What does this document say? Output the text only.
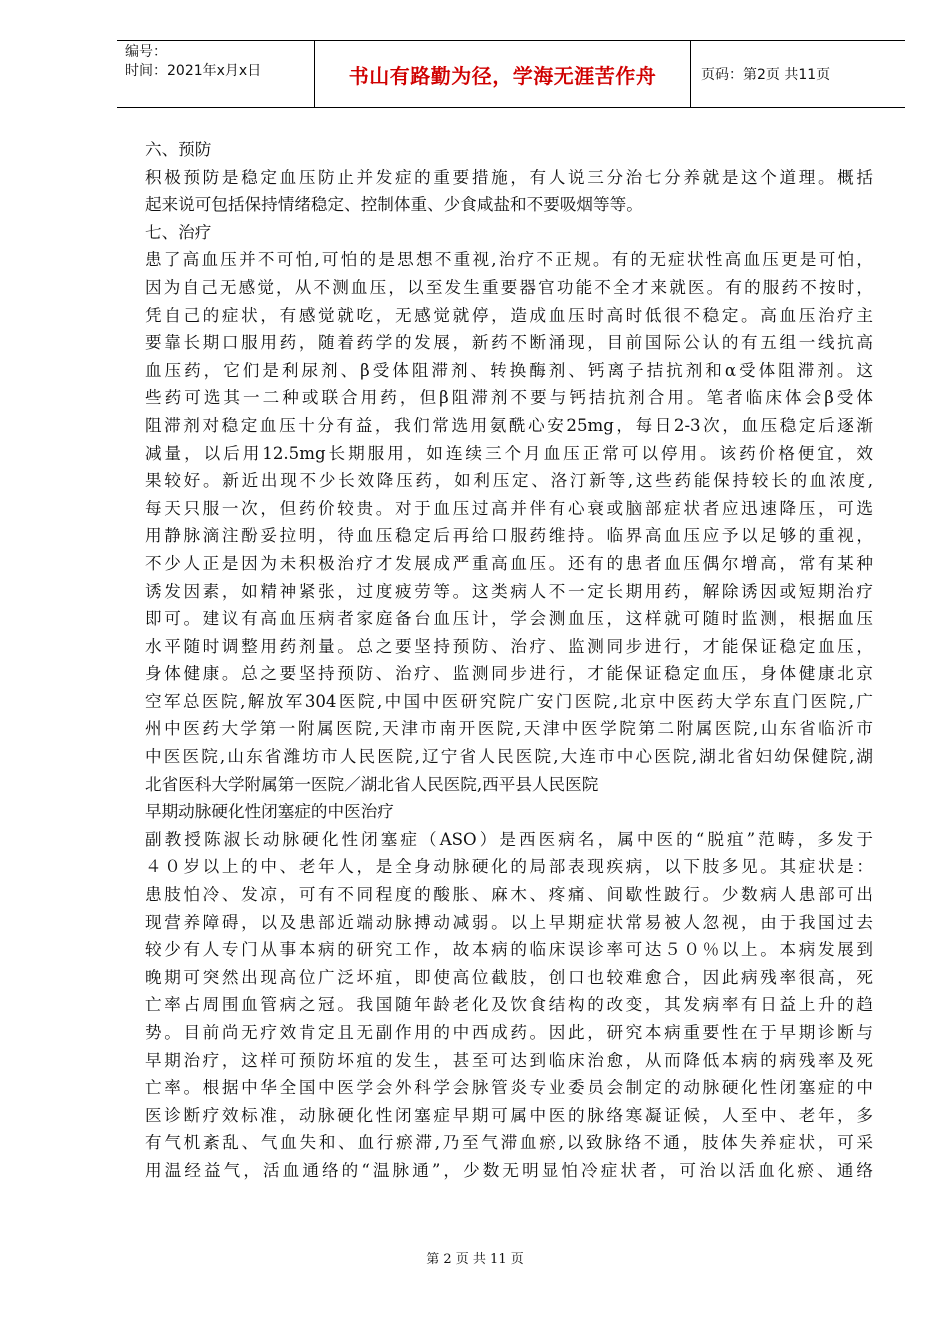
编号：
时间：2021年x月x日	书山有路勤为径，学海无涯苦作舟	页码：第2页 共11页
六、预防
积极预防是稳定血压防止并发症的重要措施，有人说三分治七分养就是这个道理。概括
起来说可包括保持情绪稳定、控制体重、少食咸盐和不要吸烟等等。
七、治疗
患了高血压并不可怕,可怕的是思想不重视,治疗不正规。有的无症状性高血压更是可怕，
因为自己无感觉，从不测血压，以至发生重要器官功能不全才来就医。有的服药不按时，
凭自己的症状，有感觉就吃，无感觉就停，造成血压时高时低很不稳定。高血压治疗主
要靠长期口服用药，随着药学的发展，新药不断涌现，目前国际公认的有五组一线抗高
血压药，它们是利尿剂、β受体阻滞剂、转换酶剂、钙离子拮抗剂和α受体阻滞剂。这
些药可选其一二种或联合用药，但β阻滞剂不要与钙拮抗剂合用。笔者临床体会β受体
阻滞剂对稳定血压十分有益，我们常选用氨酰心安25mg，每日2-3次，血压稳定后逐渐
减量，以后用12.5mg长期服用，如连续三个月血压正常可以停用。该药价格便宜，效
果较好。新近出现不少长效降压药，如利压定、洛汀新等,这些药能保持较长的血浓度,
每天只服一次，但药价较贵。对于血压过高并伴有心衰或脑部症状者应迅速降压，可选
用静脉滴注酚妥拉明，待血压稳定后再给口服药维持。临界高血压应予以足够的重视，
不少人正是因为未积极治疗才发展成严重高血压。还有的患者血压偶尔增高，常有某种
诱发因素，如精神紧张，过度疲劳等。这类病人不一定长期用药，解除诱因或短期治疗
即可。建议有高血压病者家庭备台血压计，学会测血压，这样就可随时监测，根据血压
水平随时调整用药剂量。总之要坚持预防、治疗、监测同步进行，才能保证稳定血压，
身体健康。总之要坚持预防、治疗、监测同步进行，才能保证稳定血压，身体健康北京
空军总医院,解放军304医院,中国中医研究院广安门医院,北京中医药大学东直门医院,广
州中医药大学第一附属医院,天津市南开医院,天津中医学院第二附属医院,山东省临沂市
中医医院,山东省潍坊市人民医院,辽宁省人民医院,大连市中心医院,湖北省妇幼保健院,湖
北省医科大学附属第一医院／湖北省人民医院,西平县人民医院
早期动脉硬化性闭塞症的中医治疗
副教授陈淑长动脉硬化性闭塞症（ASO）是西医病名，属中医的“脱疽”范畴，多发于
４０岁以上的中、老年人，是全身动脉硬化的局部表现疾病，以下肢多见。其症状是：
患肢怕冷、发凉，可有不同程度的酸胀、麻木、疼痛、间歇性跛行。少数病人患部可出
现营养障碍，以及患部近端动脉搏动减弱。以上早期症状常易被人忽视，由于我国过去
较少有人专门从事本病的研究工作，故本病的临床误诊率可达５０％以上。本病发展到
晚期可突然出现高位广泛坏疽，即使高位截肢，创口也较难愈合，因此病残率很高，死
亡率占周围血管病之冠。我国随年龄老化及饮食结构的改变，其发病率有日益上升的趋
势。目前尚无疗效肯定且无副作用的中西成药。因此，研究本病重要性在于早期诊断与
早期治疗，这样可预防坏疽的发生，甚至可达到临床治愈，从而降低本病的病残率及死
亡率。根据中华全国中医学会外科学会脉管炎专业委员会制定的动脉硬化性闭塞症的中
医诊断疗效标准，动脉硬化性闭塞症早期可属中医的脉络寒凝证候，人至中、老年，多
有气机紊乱、气血失和、血行瘀滞,乃至气滞血瘀,以致脉络不通，肢体失养症状，可采
用温经益气，活血通络的“温脉通”，少数无明显怕冷症状者，可治以活血化瘀、通络
第 2 页 共 11 页
